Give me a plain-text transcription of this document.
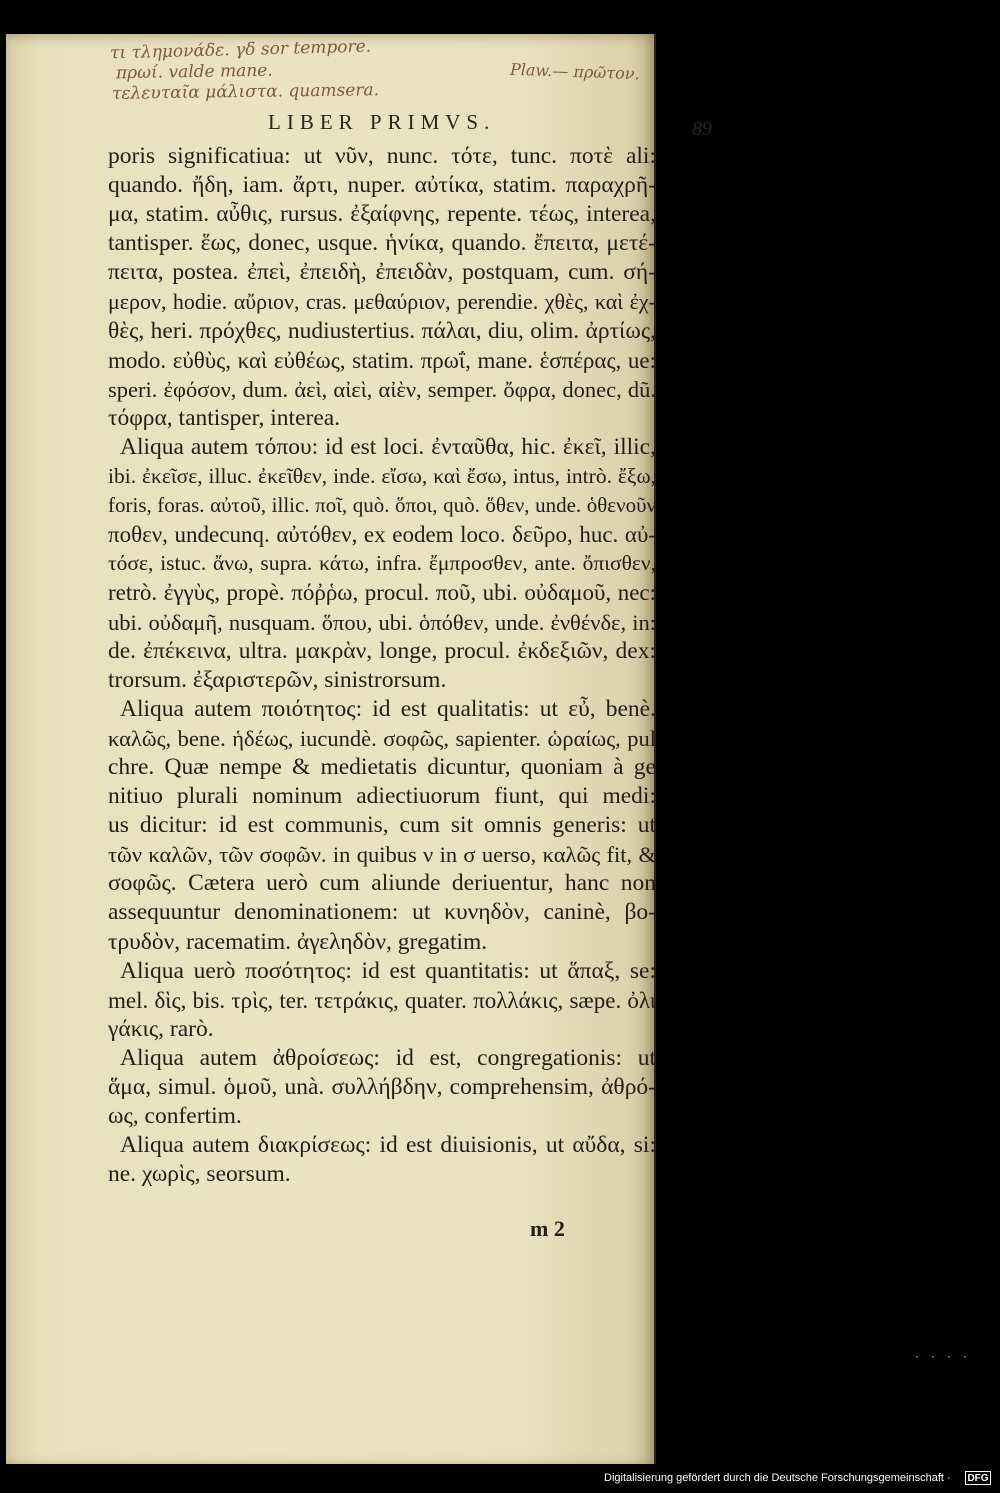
τι τλημονάδε. γδ sor tempore.
πρωί. valde mane.
τελευταῖα μάλιστα. quamsera.
Plaw.— πρῶτον.
LIBER PRIMVS.	89
poris significatiua: ut νῦν, nunc. τότε, tunc. ποτὲ ali:
quando. ἤδη, iam. ἄρτι, nuper. αὐτίκα, statim. παραχρῆ-
μα, statim. αὖθις, rursus. ἐξαίφνης, repente. τέως, interea,
tantisper. ἕως, donec, usque. ἡνίκα, quando. ἔπειτα, μετέ-
πειτα, postea. ἐπεὶ, ἐπειδὴ, ἐπειδὰν, postquam, cum. σή-
μερον, hodie. αὔριον, cras. μεθαύριον, perendie. χθὲς, καὶ ἐχ-
θὲς, heri. πρόχθες, nudiustertius. πάλαι, diu, olim. ἀρτίως,
modo. εὐθὺς, καὶ εὐθέως, statim. πρωΐ, mane. ἑσπέρας, ue:
speri. ἐφόσον, dum. ἀεὶ, αἰεὶ, αἰὲν, semper. ὄφρα, donec, dũ.
τόφρα, tantisper, interea.
Aliqua autem τόπου: id est loci. ἐνταῦθα, hic. ἐκεῖ, illic,
ibi. ἐκεῖσε, illuc. ἐκεῖθεν, inde. εἴσω, καὶ ἔσω, intus, intrò. ἔξω,
foris, foras. αὐτοῦ, illic. ποῖ, quò. ὅποι, quò. ὅθεν, unde. ὁθενοῦν
ποθεν, undecunq. αὐτόθεν, ex eodem loco. δεῦρο, huc. αὐ-
τόσε, istuc. ἄνω, supra. κάτω, infra. ἔμπροσθεν, ante. ὄπισθεν,
retrò. ἐγγὺς, propè. πόῤῥω, procul. ποῦ, ubi. οὐδαμοῦ, nec:
ubi. οὐδαμῆ, nusquam. ὅπου, ubi. ὁπόθεν, unde. ἐνθένδε, in:
de. ἐπέκεινα, ultra. μακρὰν, longe, procul. ἐκδεξιῶν, dex:
trorsum. ἐξαριστερῶν, sinistrorsum.
Aliqua autem ποιότητος: id est qualitatis: ut εὖ, benè.
καλῶς, bene. ἡδέως, iucundè. σοφῶς, sapienter. ὡραίως, pul
chre. Quæ nempe & medietatis dicuntur, quoniam à ge
nitiuo plurali nominum adiectiuorum fiunt, qui medi:
us dicitur: id est communis, cum sit omnis generis: ut
τῶν καλῶν, τῶν σοφῶν. in quibus ν in σ uerso, καλῶς fit, &
σοφῶς. Cætera uerò cum aliunde deriuentur, hanc non
assequuntur denominationem: ut κυνηδὸν, caninè, βο-
τρυδὸν, racematim. ἀγεληδὸν, gregatim.
Aliqua uerò ποσότητος: id est quantitatis: ut ἅπαξ, se:
mel. δὶς, bis. τρὶς, ter. τετράκις, quater. πολλάκις, sæpe. ὀλι
γάκις, rarò.
Aliqua autem ἀθροίσεως: id est, congregationis: ut
ἅμα, simul. ὁμοῦ, unà. συλλήβδην, comprehensim, ἀθρό-
ως, confertim.
Aliqua autem διακρίσεως: id est diuisionis, ut αὔδα, si:
ne. χωρὶς, seorsum.
m 2
····
Digitalisierung gefördert durch die Deutsche Forschungsgemeinschaft · DFG
